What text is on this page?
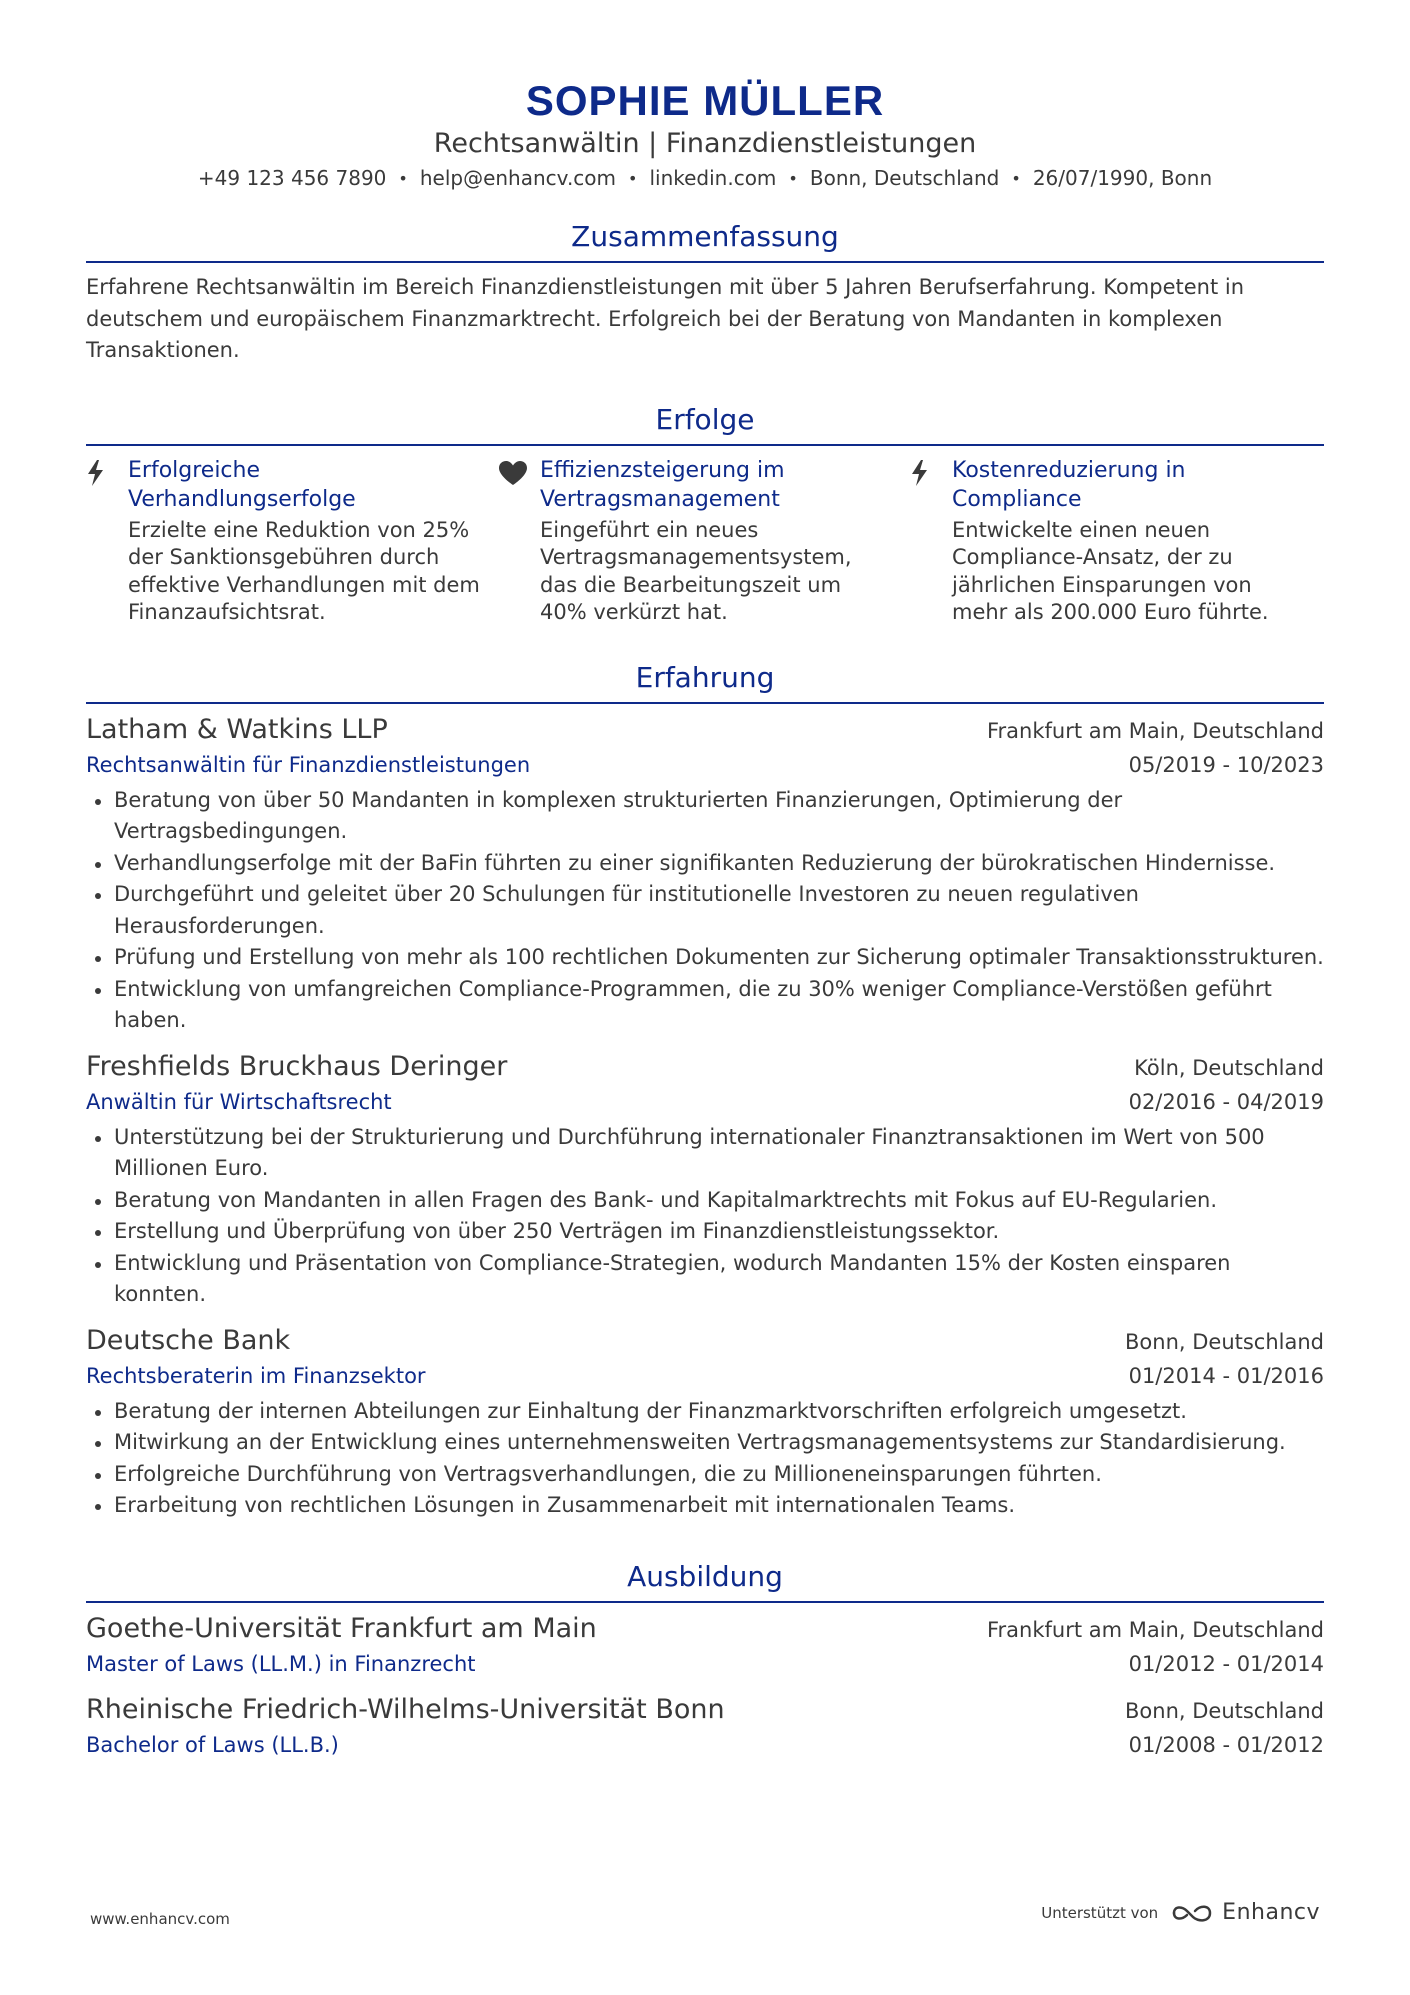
SOPHIE MÜLLER
Rechtsanwältin | Finanzdienstleistungen
+49 123 456 7890 • help@enhancv.com • linkedin.com • Bonn, Deutschland • 26/07/1990, Bonn
Zusammenfassung
Erfahrene Rechtsanwältin im Bereich Finanzdienstleistungen mit über 5 Jahren Berufserfahrung. Kompetent in deutschem und europäischem Finanzmarktrecht. Erfolgreich bei der Beratung von Mandanten in komplexen Transaktionen.
Erfolge
Erfolgreiche Verhandlungserfolge
Erzielte eine Reduktion von 25% der Sanktionsgebühren durch effektive Verhandlungen mit dem Finanzaufsichtsrat.
Effizienzsteigerung im Vertragsmanagement
Eingeführt ein neues Vertragsmanagementsystem, das die Bearbeitungszeit um 40% verkürzt hat.
Kostenreduzierung in Compliance
Entwickelte einen neuen Compliance-Ansatz, der zu jährlichen Einsparungen von mehr als 200.000 Euro führte.
Erfahrung
Latham & Watkins LLP	Frankfurt am Main, Deutschland
Rechtsanwältin für Finanzdienstleistungen	05/2019 - 10/2023
Beratung von über 50 Mandanten in komplexen strukturierten Finanzierungen, Optimierung der Vertragsbedingungen.
Verhandlungserfolge mit der BaFin führten zu einer signifikanten Reduzierung der bürokratischen Hindernisse.
Durchgeführt und geleitet über 20 Schulungen für institutionelle Investoren zu neuen regulativen Herausforderungen.
Prüfung und Erstellung von mehr als 100 rechtlichen Dokumenten zur Sicherung optimaler Transaktionsstrukturen.
Entwicklung von umfangreichen Compliance-Programmen, die zu 30% weniger Compliance-Verstößen geführt haben.
Freshfields Bruckhaus Deringer	Köln, Deutschland
Anwältin für Wirtschaftsrecht	02/2016 - 04/2019
Unterstützung bei der Strukturierung und Durchführung internationaler Finanztransaktionen im Wert von 500 Millionen Euro.
Beratung von Mandanten in allen Fragen des Bank- und Kapitalmarktrechts mit Fokus auf EU-Regularien.
Erstellung und Überprüfung von über 250 Verträgen im Finanzdienstleistungssektor.
Entwicklung und Präsentation von Compliance-Strategien, wodurch Mandanten 15% der Kosten einsparen konnten.
Deutsche Bank	Bonn, Deutschland
Rechtsberaterin im Finanzsektor	01/2014 - 01/2016
Beratung der internen Abteilungen zur Einhaltung der Finanzmarktvorschriften erfolgreich umgesetzt.
Mitwirkung an der Entwicklung eines unternehmensweiten Vertragsmanagementsystems zur Standardisierung.
Erfolgreiche Durchführung von Vertragsverhandlungen, die zu Millioneneinsparungen führten.
Erarbeitung von rechtlichen Lösungen in Zusammenarbeit mit internationalen Teams.
Ausbildung
Goethe-Universität Frankfurt am Main	Frankfurt am Main, Deutschland
Master of Laws (LL.M.) in Finanzrecht	01/2012 - 01/2014
Rheinische Friedrich-Wilhelms-Universität Bonn	Bonn, Deutschland
Bachelor of Laws (LL.B.)	01/2008 - 01/2012
www.enhancv.com	Unterstützt von	Enhancv
